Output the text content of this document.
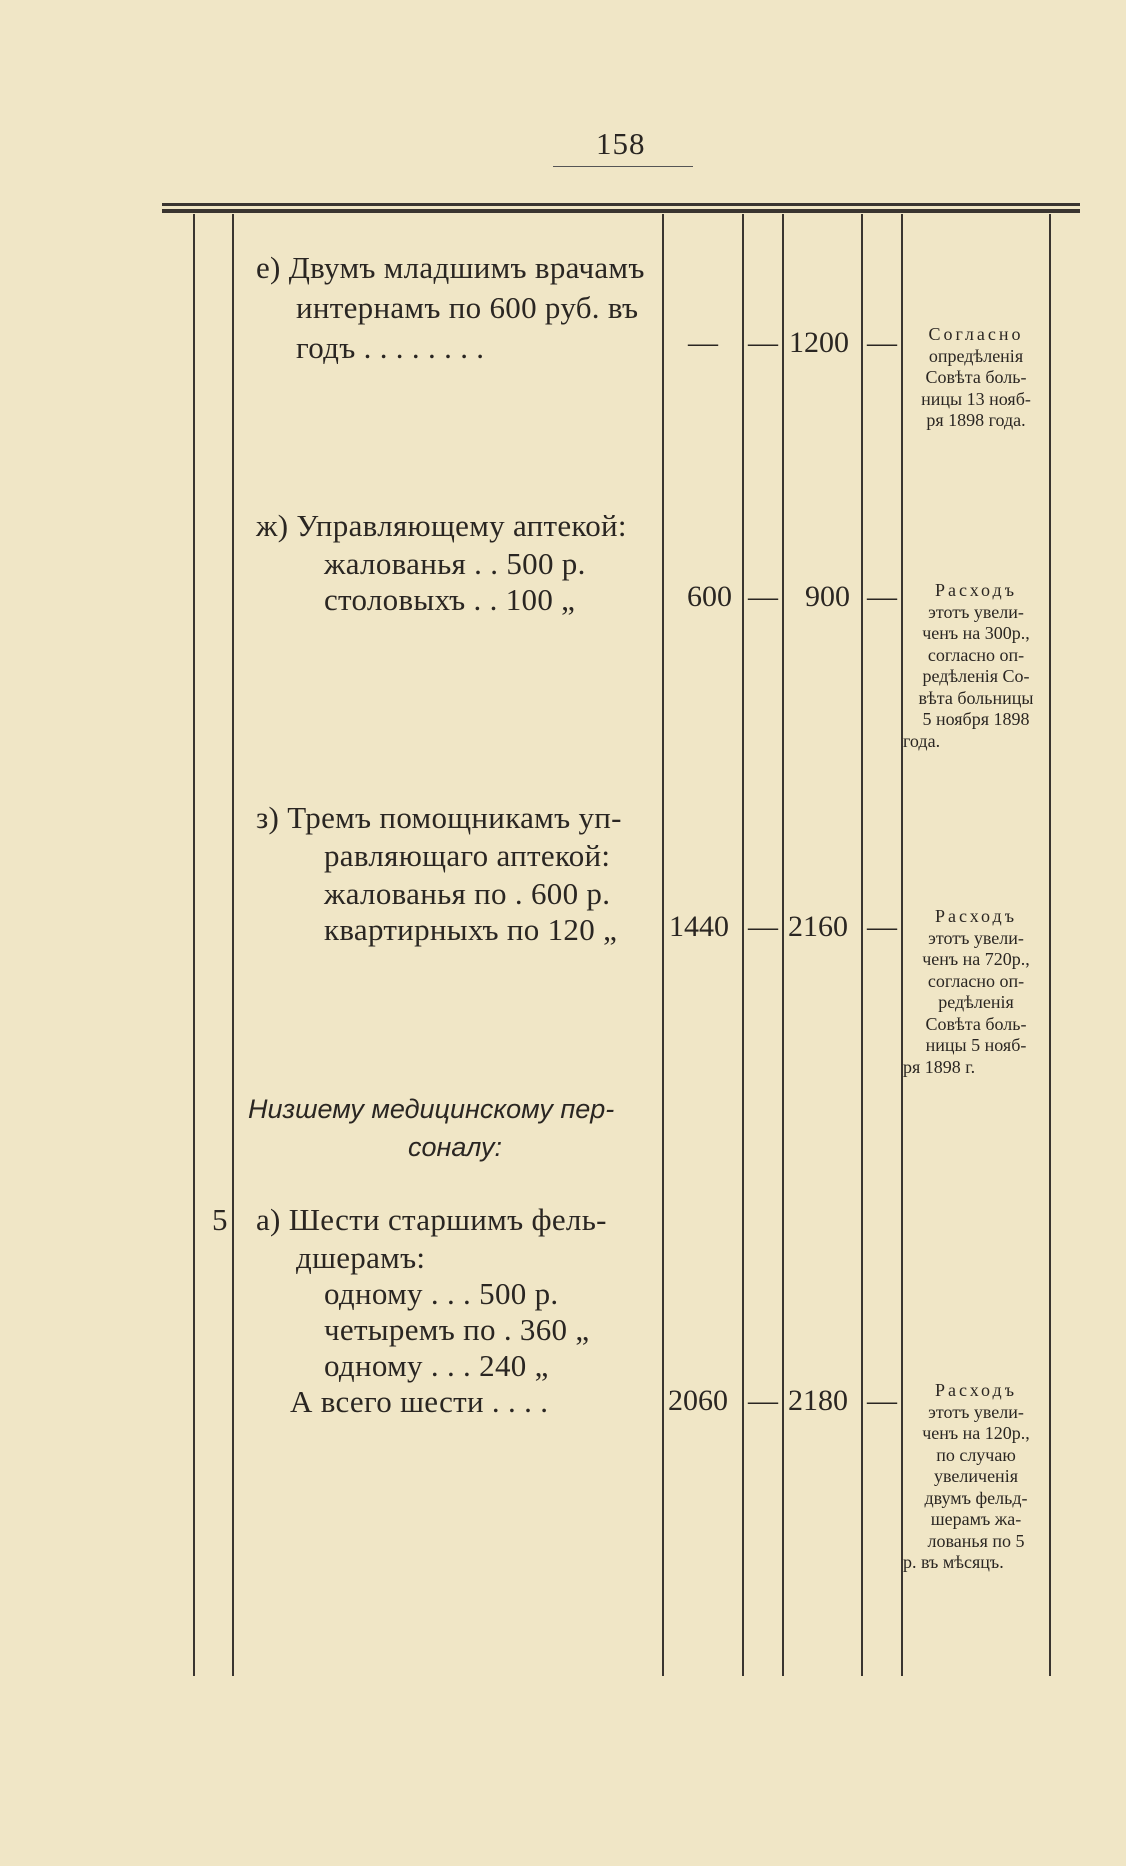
158
е) Двумъ младшимъ врачамъ
интернамъ по 600 руб. въ
годъ . . . . . . . .	— — 1200 —	Согласно
опредѣленія
Совѣта боль-
ницы 13 нояб-
ря 1898 года.
ж) Управляющему аптекой:
жалованья . . 500 р.
столовыхъ . . 100 „	600 — 900 —	Расходъ
этотъ увели-
ченъ на 300р.,
согласно оп-
редѣленія Со-
вѣта больницы
5 ноября 1898
года.
з) Тремъ помощникамъ уп-
равляющаго аптекой:
жалованья по . 600 р.
квартирныхъ по 120 „ 1440 — 2160 —	Расходъ
этотъ увели-
ченъ на 720р.,
согласно оп-
редѣленія
Совѣта боль-
ницы 5 нояб-
ря 1898 г.
Низшему медицинскому пер-
соналу:
5 а) Шести старшимъ фель-
дшерамъ:
одному . . . 500 р.
четыремъ по . 360 „
одному . . . 240 „
А всего шести . . . .	2060 — 2180 —	Расходъ
этотъ увели-
ченъ на 120р.,
по случаю
увеличенія
двумъ фельд-
шерамъ жа-
лованья по 5
р. въ мѣсяцъ.
